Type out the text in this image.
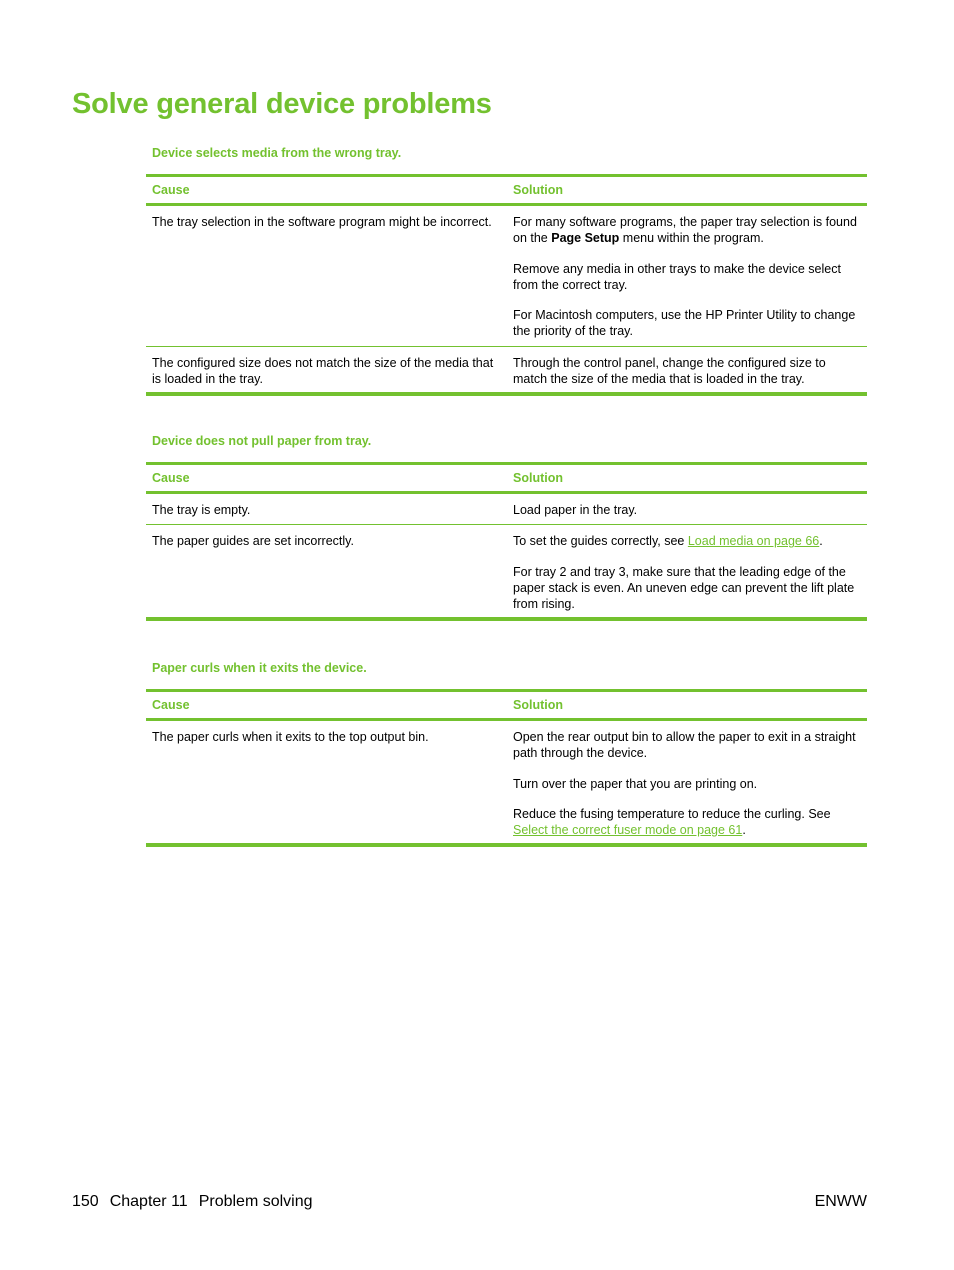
Solve general device problems
Device selects media from the wrong tray.
Cause	Solution
The tray selection in the software program might be incorrect.	For many software programs, the paper tray selection is found on the Page Setup menu within the program.

Remove any media in other trays to make the device select from the correct tray.

For Macintosh computers, use the HP Printer Utility to change the priority of the tray.

The configured size does not match the size of the media that is loaded in the tray.	Through the control panel, change the configured size to match the size of the media that is loaded in the tray.

Device does not pull paper from tray.
Cause	Solution
The tray is empty.	Load paper in the tray.

The paper guides are set incorrectly.	To set the guides correctly, see Load media on page 66.

For tray 2 and tray 3, make sure that the leading edge of the paper stack is even. An uneven edge can prevent the lift plate from rising.

Paper curls when it exits the device.
Cause	Solution
The paper curls when it exits to the top output bin.	Open the rear output bin to allow the paper to exit in a straight path through the device.

Turn over the paper that you are printing on.

Reduce the fusing temperature to reduce the curling. See Select the correct fuser mode on page 61.

150 Chapter 11 Problem solving	ENWW
